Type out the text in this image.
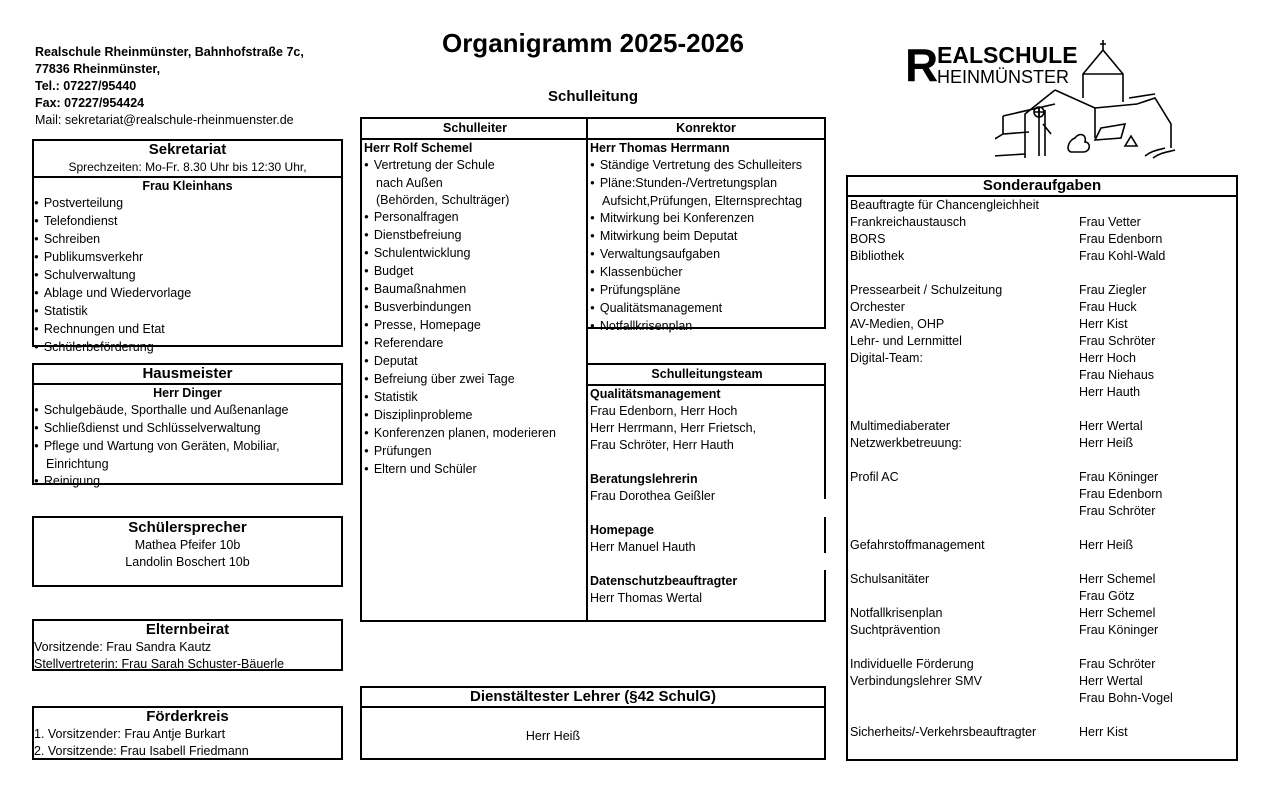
Realschule Rheinmünster, Bahnhofstraße 7c,
77836 Rheinmünster,
Tel.: 07227/95440
Fax: 07227/954424
Mail: sekretariat@realschule-rheinmuenster.de
Organigramm 2025-2026
Schulleitung
R
EALSCHULE
HEINMÜNSTER
Sekretariat
Sprechzeiten: Mo-Fr. 8.30 Uhr bis 12:30 Uhr,
Frau Kleinhans
● Postverteilung
● Telefondienst
● Schreiben
● Publikumsverkehr
● Schulverwaltung
● Ablage und Wiedervorlage
● Statistik
● Rechnungen und Etat
● Schülerbeförderung
Hausmeister
Herr Dinger
● Schulgebäude, Sporthalle und Außenanlage
● Schließdienst und Schlüsselverwaltung
● Pflege und Wartung von Geräten, Mobiliar,
Einrichtung
● Reinigung
Schülersprecher
Mathea Pfeifer 10b
Landolin Boschert 10b
Elternbeirat
Vorsitzende: Frau Sandra Kautz
Stellvertreterin: Frau Sarah Schuster-Bäuerle
Förderkreis
1. Vorsitzender: Frau Antje Burkart
2. Vorsitzende: Frau Isabell Friedmann
Schulleiter
Herr Rolf Schemel
● Vertretung der Schule
nach Außen
(Behörden, Schulträger)
● Personalfragen
● Dienstbefreiung
● Schulentwicklung
● Budget
● Baumaßnahmen
● Busverbindungen
● Presse, Homepage
● Referendare
● Deputat
● Befreiung über zwei Tage
● Statistik
● Disziplinprobleme
● Konferenzen planen, moderieren
● Prüfungen
● Eltern und Schüler
Konrektor
Herr Thomas Herrmann
● Ständige Vertretung des Schulleiters
● Pläne:Stunden-/Vertretungsplan
Aufsicht,Prüfungen, Elternsprechtag
● Mitwirkung bei Konferenzen
● Mitwirkung beim Deputat
● Verwaltungsaufgaben
● Klassenbücher
● Prüfungspläne
● Qualitätsmanagement
● Notfallkrisenplan
Schulleitungsteam
Qualitätsmanagement
Frau Edenborn, Herr Hoch
Herr Herrmann, Herr Frietsch,
Frau Schröter, Herr Hauth

Beratungslehrerin
Frau Dorothea Geißler

Homepage
Herr Manuel Hauth

Datenschutzbeauftragter
Herr Thomas Wertal
Dienstältester Lehrer (§42 SchulG)
Herr Heiß
Sonderaufgaben
Beauftragte für Chancengleichheit
Frankreichaustausch	Frau Vetter
BORS	Frau Edenborn
Bibliothek	Frau Kohl-Wald
Pressearbeit / Schulzeitung	Frau Ziegler
Orchester	Frau Huck
AV-Medien, OHP	Herr Kist
Lehr- und Lernmittel	Frau Schröter
Digital-Team:	Herr Hoch
Frau Niehaus
Herr Hauth
Multimediaberater	Herr Wertal
Netzwerkbetreuung:	Herr Heiß
Profil AC	Frau Köninger
Frau Edenborn
Frau Schröter
Gefahrstoffmanagement	Herr Heiß
Schulsanitäter	Herr Schemel
Frau Götz
Notfallkrisenplan	Herr Schemel
Suchtprävention	Frau Köninger
Individuelle Förderung	Frau Schröter
Verbindungslehrer SMV	Herr Wertal
Frau Bohn-Vogel
Sicherheits/-Verkehrsbeauftragter	Herr Kist
